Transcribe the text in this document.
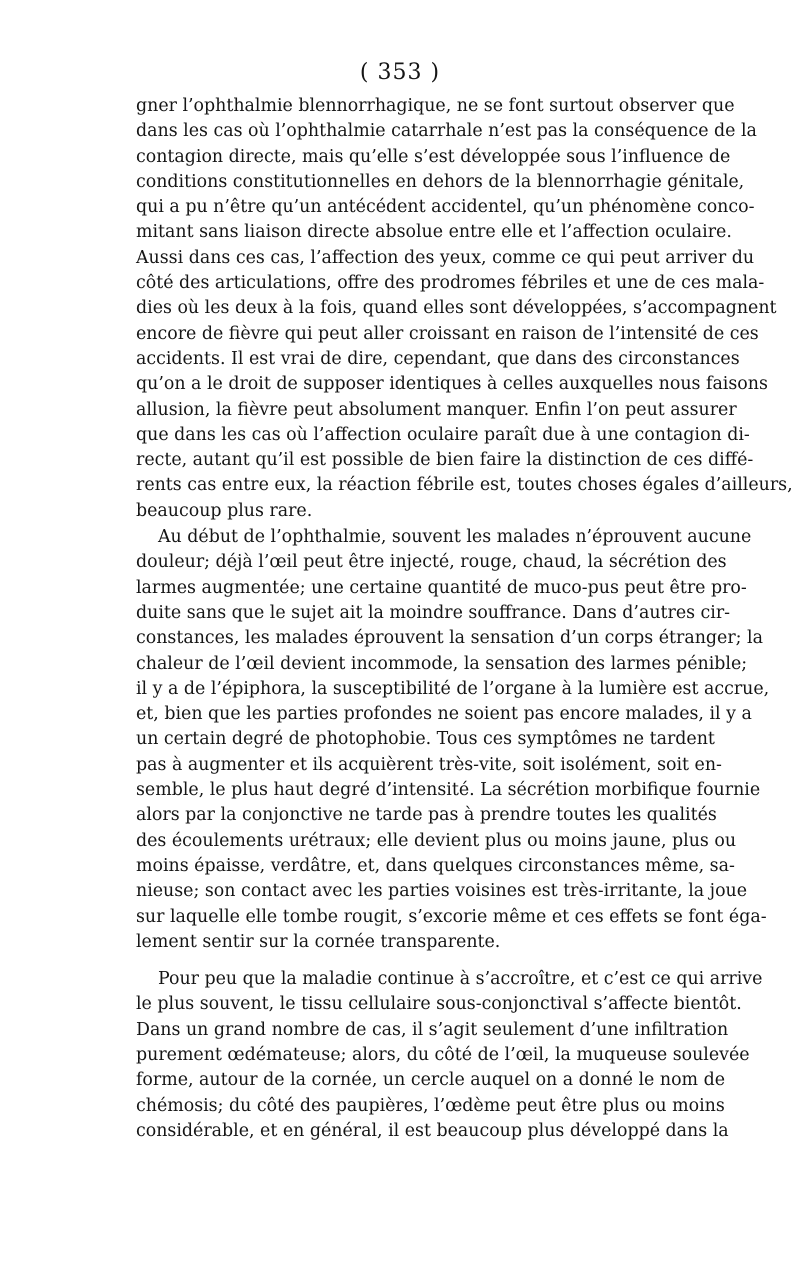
( 353 )
gner l’ophthalmie blennorrhagique, ne se font surtout observer que
dans les cas où l’ophthalmie catarrhale n’est pas la conséquence de la
contagion directe, mais qu’elle s’est développée sous l’influence de
conditions constitutionnelles en dehors de la blennorrhagie génitale,
qui a pu n’être qu’un antécédent accidentel, qu’un phénomène conco-
mitant sans liaison directe absolue entre elle et l’affection oculaire.
Aussi dans ces cas, l’affection des yeux, comme ce qui peut arriver du
côté des articulations, offre des prodromes fébriles et une de ces mala-
dies où les deux à la fois, quand elles sont développées, s’accompagnent
encore de fièvre qui peut aller croissant en raison de l’intensité de ces
accidents. Il est vrai de dire, cependant, que dans des circonstances
qu’on a le droit de supposer identiques à celles auxquelles nous faisons
allusion, la fièvre peut absolument manquer. Enfin l’on peut assurer
que dans les cas où l’affection oculaire paraît due à une contagion di-
recte, autant qu’il est possible de bien faire la distinction de ces diffé-
rents cas entre eux, la réaction fébrile est, toutes choses égales d’ailleurs,
beaucoup plus rare.
Au début de l’ophthalmie, souvent les malades n’éprouvent aucune
douleur; déjà l’œil peut être injecté, rouge, chaud, la sécrétion des
larmes augmentée; une certaine quantité de muco-pus peut être pro-
duite sans que le sujet ait la moindre souffrance. Dans d’autres cir-
constances, les malades éprouvent la sensation d’un corps étranger; la
chaleur de l’œil devient incommode, la sensation des larmes pénible;
il y a de l’épiphora, la susceptibilité de l’organe à la lumière est accrue,
et, bien que les parties profondes ne soient pas encore malades, il y a
un certain degré de photophobie. Tous ces symptômes ne tardent
pas à augmenter et ils acquièrent très-vite, soit isolément, soit en-
semble, le plus haut degré d’intensité. La sécrétion morbifique fournie
alors par la conjonctive ne tarde pas à prendre toutes les qualités
des écoulements urétraux; elle devient plus ou moins jaune, plus ou
moins épaisse, verdâtre, et, dans quelques circonstances même, sa-
nieuse; son contact avec les parties voisines est très-irritante, la joue
sur laquelle elle tombe rougit, s’excorie même et ces effets se font éga-
lement sentir sur la cornée transparente.
Pour peu que la maladie continue à s’accroître, et c’est ce qui arrive
le plus souvent, le tissu cellulaire sous-conjonctival s’affecte bientôt.
Dans un grand nombre de cas, il s’agit seulement d’une infiltration
purement œdémateuse; alors, du côté de l’œil, la muqueuse soulevée
forme, autour de la cornée, un cercle auquel on a donné le nom de
chémosis; du côté des paupières, l’œdème peut être plus ou moins
considérable, et en général, il est beaucoup plus développé dans la
